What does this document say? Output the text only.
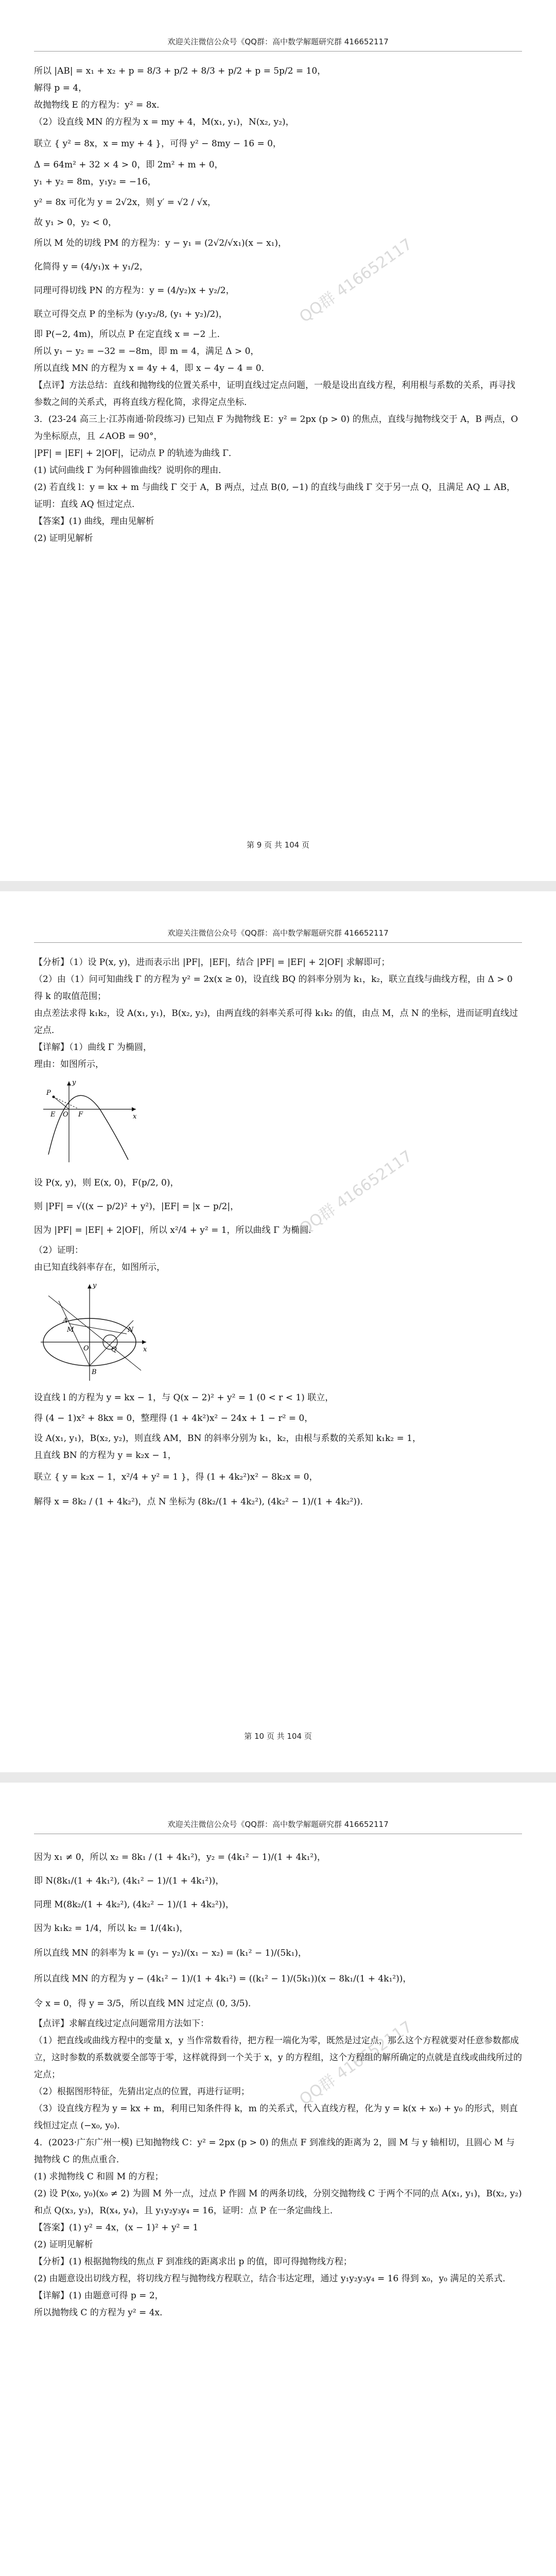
欢迎关注微信公众号《QQ群：高中数学解题研究群 416652117
所以 |AB| = x₁ + x₂ + p = 8/3 + p/2 + 8/3 + p/2 + p = 5p/2 = 10，
解得 p = 4，
故抛物线 E 的方程为：y² = 8x．
（2）设直线 MN 的方程为 x = my + 4，M(x₁, y₁)，N(x₂, y₂)，
联立 { y² = 8x，x = my + 4 }，可得 y² − 8my − 16 = 0，
Δ = 64m² + 32 × 4 > 0，即 2m² + m + 0，
y₁ + y₂ = 8m，y₁y₂ = −16，
y² = 8x 可化为 y = 2√2x，则 y′ = √2 / √x，
故 y₁ > 0，y₂ < 0，
所以 M 处的切线 PM 的方程为：y − y₁ = (2√2/√x₁)(x − x₁)，
化简得 y = (4/y₁)x + y₁/2，
同理可得切线 PN 的方程为：y = (4/y₂)x + y₂/2，
联立可得交点 P 的坐标为 (y₁y₂/8, (y₁ + y₂)/2)，
即 P(−2, 4m)，所以点 P 在定直线 x = −2 上．
所以 y₁ − y₂ = −32 = −8m，即 m = 4，满足 Δ > 0，
所以直线 MN 的方程为 x = 4y + 4，即 x − 4y − 4 = 0．
【点评】方法总结：直线和抛物线的位置关系中，证明直线过定点问题，一般是设出直线方程，利用根与系数的关系，再寻找参数之间的关系式，再将直线方程化简，求得定点坐标．
3．(23-24 高三上·江苏南通·阶段练习) 已知点 F 为抛物线 E：y² = 2px (p > 0) 的焦点，直线与抛物线交于 A，B 两点，O 为坐标原点，且 ∠AOB = 90°，
|PF| = |EF| + 2|OF|，记动点 P 的轨迹为曲线 Γ．
(1) 试问曲线 Γ 为何种圆锥曲线？说明你的理由．
(2) 若直线 l：y = kx + m 与曲线 Γ 交于 A，B 两点，过点 B(0, −1) 的直线与曲线 Γ 交于另一点 Q，且满足 AQ ⊥ AB，证明：直线 AQ 恒过定点．
【答案】(1) 曲线，理由见解析
(2) 证明见解析
QQ群 416652117
第 9 页 共 104 页
欢迎关注微信公众号《QQ群：高中数学解题研究群 416652117
【分析】（1）设 P(x, y)，进而表示出 |PF|，|EF|，结合 |PF| = |EF| + 2|OF| 求解即可；
（2）由（1）问可知曲线 Γ 的方程为 y² = 2x(x ≥ 0)，设直线 BQ 的斜率分别为 k₁，k₂，联立直线与曲线方程，由 Δ > 0 得 k 的取值范围；
由点差法求得 k₁k₂，设 A(x₁, y₁)，B(x₂, y₂)，由两直线的斜率关系可得 k₁k₂ 的值，由点 M，点 N 的坐标，进而证明直线过定点．
【详解】（1）曲线 Γ 为椭圆，
理由：如图所示，
P
E O F	x
y
设 P(x, y)，则 E(x, 0)，F(p/2, 0)，
则 |PF| = √((x − p/2)² + y²)，|EF| = |x − p/2|，
因为 |PF| = |EF| + 2|OF|，所以 x²/4 + y² = 1，所以曲线 Γ 为椭圆．
（2）证明：
由已知直线斜率存在，如图所示，
A
B
M	N
O	Q	x
y
设直线 l 的方程为 y = kx − 1，与 Q(x − 2)² + y² = 1 (0 < r < 1) 联立，
得 (4 − 1)x² + 8kx = 0，整理得 (1 + 4k²)x² − 24x + 1 − r² = 0，
设 A(x₁, y₁)，B(x₂, y₂)，则直线 AM，BN 的斜率分别为 k₁，k₂，由根与系数的关系知 k₁k₂ = 1，
且直线 BN 的方程为 y = k₂x − 1，
联立 { y = k₂x − 1，x²/4 + y² = 1 }，得 (1 + 4k₂²)x² − 8k₂x = 0，
解得 x = 8k₂ / (1 + 4k₂²)，点 N 坐标为 (8k₂/(1 + 4k₂²), (4k₂² − 1)/(1 + 4k₂²))．
QQ群 416652117
第 10 页 共 104 页
欢迎关注微信公众号《QQ群：高中数学解题研究群 416652117
因为 x₁ ≠ 0，所以 x₂ = 8k₁ / (1 + 4k₁²)，y₂ = (4k₁² − 1)/(1 + 4k₁²)，
即 N(8k₁/(1 + 4k₁²), (4k₁² − 1)/(1 + 4k₁²))，
同理 M(8k₂/(1 + 4k₂²), (4k₂² − 1)/(1 + 4k₂²))，
因为 k₁k₂ = 1/4，所以 k₂ = 1/(4k₁)，
所以直线 MN 的斜率为 k = (y₁ − y₂)/(x₁ − x₂) = (k₁² − 1)/(5k₁)，
所以直线 MN 的方程为 y − (4k₁² − 1)/(1 + 4k₁²) = ((k₁² − 1)/(5k₁))(x − 8k₁/(1 + 4k₁²))，
令 x = 0，得 y = 3/5，所以直线 MN 过定点 (0, 3/5)．
【点评】求解直线过定点问题常用方法如下：
（1）把直线或曲线方程中的变量 x，y 当作常数看待，把方程一端化为零，既然是过定点，那么这个方程就要对任意参数都成立，这时参数的系数就要全部等于零，这样就得到一个关于 x，y 的方程组，这个方程组的解所确定的点就是直线或曲线所过的定点；
（2）根据图形特征，先猜出定点的位置，再进行证明；
（3）设直线方程为 y = kx + m，利用已知条件得 k，m 的关系式，代入直线方程，化为 y = k(x + x₀) + y₀ 的形式，则直线恒过定点 (−x₀, y₀)．
4．(2023·广东广州一模) 已知抛物线 C：y² = 2px (p > 0) 的焦点 F 到准线的距离为 2，圆 M 与 y 轴相切，且圆心 M 与抛物线 C 的焦点重合．
(1) 求抛物线 C 和圆 M 的方程；
(2) 设 P(x₀, y₀)(x₀ ≠ 2) 为圆 M 外一点，过点 P 作圆 M 的两条切线，分别交抛物线 C 于两个不同的点 A(x₁, y₁)，B(x₂, y₂) 和点 Q(x₃, y₃)，R(x₄, y₄)，且 y₁y₂y₃y₄ = 16，证明：点 P 在一条定曲线上．
【答案】(1) y² = 4x，(x − 1)² + y² = 1
(2) 证明见解析
【分析】(1) 根据抛物线的焦点 F 到准线的距离求出 p 的值，即可得抛物线方程；
(2) 由题意设出切线方程，将切线方程与抛物线方程联立，结合韦达定理，通过 y₁y₂y₃y₄ = 16 得到 x₀，y₀ 满足的关系式．
【详解】(1) 由题意可得 p = 2，
所以抛物线 C 的方程为 y² = 4x．
QQ群 416652117
